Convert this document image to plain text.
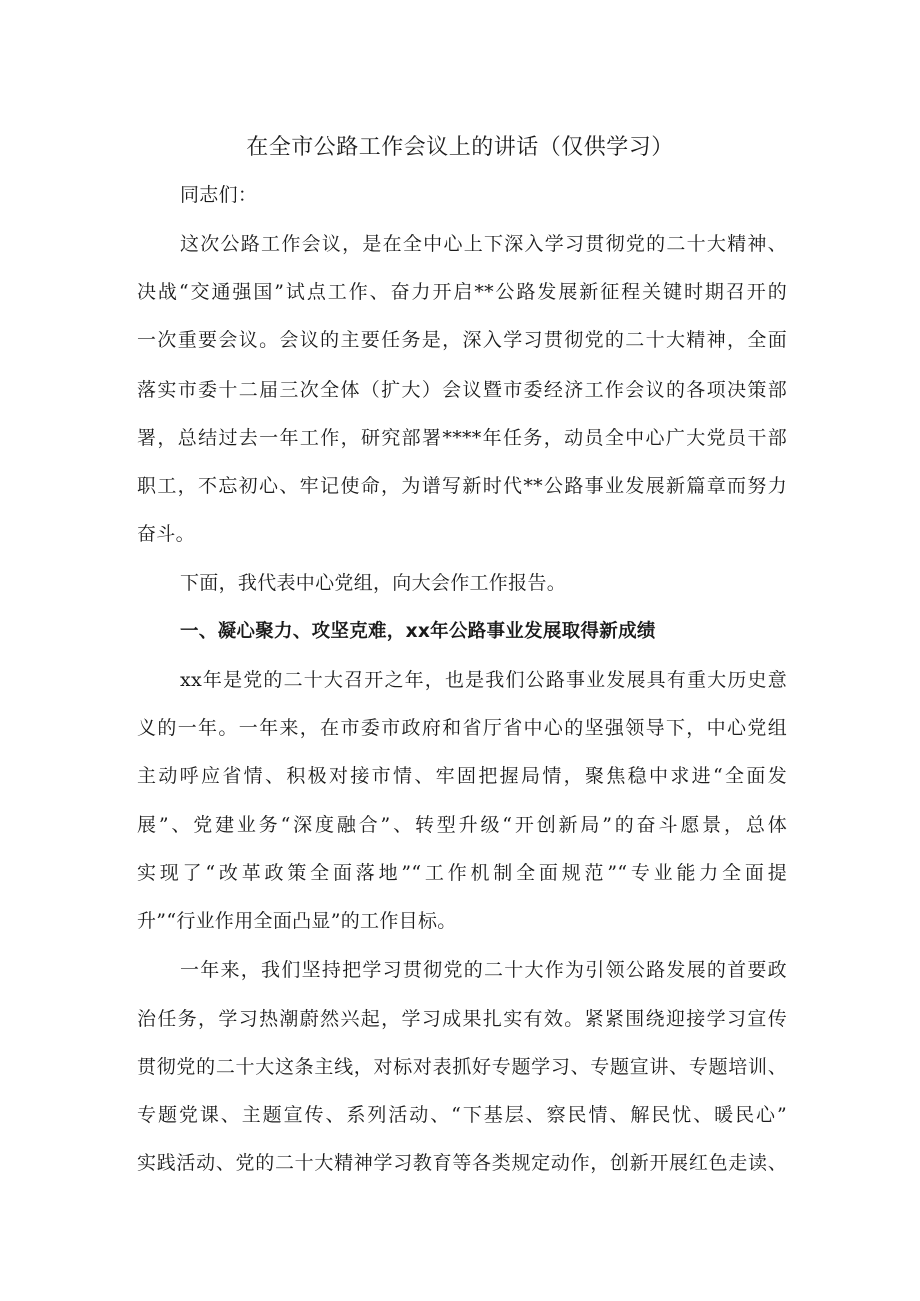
在全市公路工作会议上的讲话（仅供学习）
同志们：
这次公路工作会议，是在全中心上下深入学习贯彻党的二十大精神、
决战“交通强国”试点工作、奋力开启**公路发展新征程关键时期召开的
一次重要会议。会议的主要任务是，深入学习贯彻党的二十大精神，全面
落实市委十二届三次全体（扩大）会议暨市委经济工作会议的各项决策部
署，总结过去一年工作，研究部署****年任务，动员全中心广大党员干部
职工，不忘初心、牢记使命，为谱写新时代**公路事业发展新篇章而努力
奋斗。
下面，我代表中心党组，向大会作工作报告。
一、凝心聚力、攻坚克难，xx年公路事业发展取得新成绩
xx年是党的二十大召开之年，也是我们公路事业发展具有重大历史意
义的一年。一年来，在市委市政府和省厅省中心的坚强领导下，中心党组
主动呼应省情、积极对接市情、牢固把握局情，聚焦稳中求进“全面发
展”、党建业务“深度融合”、转型升级“开创新局”的奋斗愿景，总体
实现了“改革政策全面落地”“工作机制全面规范”“专业能力全面提
升”“行业作用全面凸显”的工作目标。
一年来，我们坚持把学习贯彻党的二十大作为引领公路发展的首要政
治任务，学习热潮蔚然兴起，学习成果扎实有效。紧紧围绕迎接学习宣传
贯彻党的二十大这条主线，对标对表抓好专题学习、专题宣讲、专题培训、
专题党课、主题宣传、系列活动、“下基层、察民情、解民忧、暖民心”
实践活动、党的二十大精神学习教育等各类规定动作，创新开展红色走读、
